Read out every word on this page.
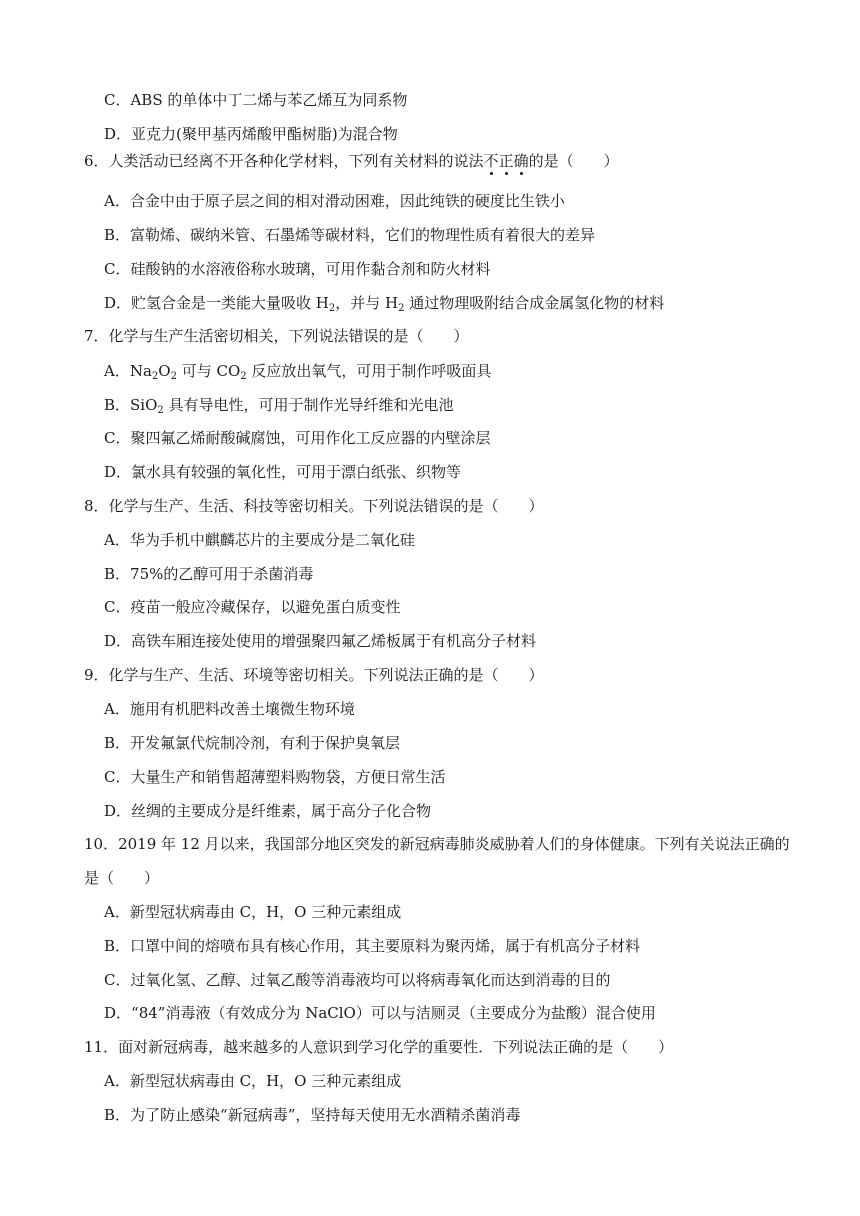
C．ABS 的单体中丁二烯与苯乙烯互为同系物
D．亚克力(聚甲基丙烯酸甲酯树脂)为混合物
6．人类活动已经离不开各种化学材料，下列有关材料的说法不正确的是（　　）
A．合金中由于原子层之间的相对滑动困难，因此纯铁的硬度比生铁小
B．富勒烯、碳纳米管、石墨烯等碳材料，它们的物理性质有着很大的差异
C．硅酸钠的水溶液俗称水玻璃，可用作黏合剂和防火材料
D．贮氢合金是一类能大量吸收 $H_2$，并与 $H_2$ 通过物理吸附结合成金属氢化物的材料
7．化学与生产生活密切相关，下列说法错误的是（　　）
A．$Na_2O_2$ 可与 $CO_2$ 反应放出氧气，可用于制作呼吸面具
B．SiO$_2$ 具有导电性，可用于制作光导纤维和光电池
C．聚四氟乙烯耐酸碱腐蚀，可用作化工反应器的内壁涂层
D．氯水具有较强的氧化性，可用于漂白纸张、织物等
8．化学与生产、生活、科技等密切相关。下列说法错误的是（　　）
A．华为手机中麒麟芯片的主要成分是二氧化硅
B．75%的乙醇可用于杀菌消毒
C．疫苗一般应冷藏保存，以避免蛋白质变性
D．高铁车厢连接处使用的增强聚四氟乙烯板属于有机高分子材料
9．化学与生产、生活、环境等密切相关。下列说法正确的是（　　）
A．施用有机肥料改善土壤微生物环境
B．开发氟氯代烷制冷剂，有利于保护臭氧层
C．大量生产和销售超薄塑料购物袋，方便日常生活
D．丝绸的主要成分是纤维素，属于高分子化合物
10．2019 年 12 月以来，我国部分地区突发的新冠病毒肺炎威胁着人们的身体健康。下列有关说法正确的
是（　　）
A．新型冠状病毒由 C，H，O 三种元素组成
B．口罩中间的熔喷布具有核心作用，其主要原料为聚丙烯，属于有机高分子材料
C．过氧化氢、乙醇、过氧乙酸等消毒液均可以将病毒氧化而达到消毒的目的
D．“84”消毒液（有效成分为 NaClO）可以与洁厕灵（主要成分为盐酸）混合使用
11．面对新冠病毒，越来越多的人意识到学习化学的重要性．下列说法正确的是（　　）
A．新型冠状病毒由 C，H，O 三种元素组成
B．为了防止感染“新冠病毒”，坚持每天使用无水酒精杀菌消毒
